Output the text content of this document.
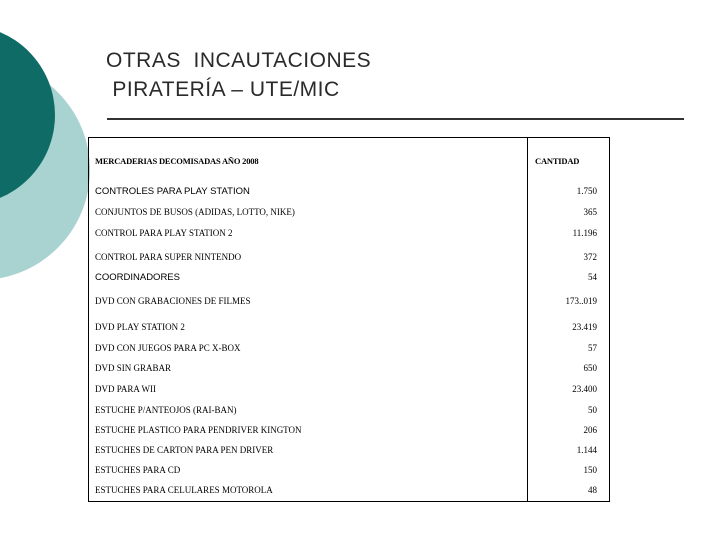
OTRAS  INCAUTACIONES
PIRATERÍA – UTE/MIC
MERCADERIAS DECOMISADAS AÑO 2008	CANTIDAD
CONTROLES PARA PLAY STATION	1.750
CONJUNTOS DE BUSOS (ADIDAS, LOTTO, NIKE)	365
CONTROL PARA PLAY STATION 2	11.196
CONTROL PARA SUPER NINTENDO	372
COORDINADORES	54
DVD CON GRABACIONES DE FILMES	173..019
DVD PLAY STATION 2	23.419
DVD CON JUEGOS PARA PC X-BOX	57
DVD SIN GRABAR	650
DVD PARA WII	23.400
ESTUCHE P/ANTEOJOS (RAI-BAN)	50
ESTUCHE PLASTICO PARA PENDRIVER KINGTON	206
ESTUCHES DE CARTON PARA PEN DRIVER	1.144
ESTUCHES PARA CD	150
ESTUCHES PARA CELULARES MOTOROLA	48
